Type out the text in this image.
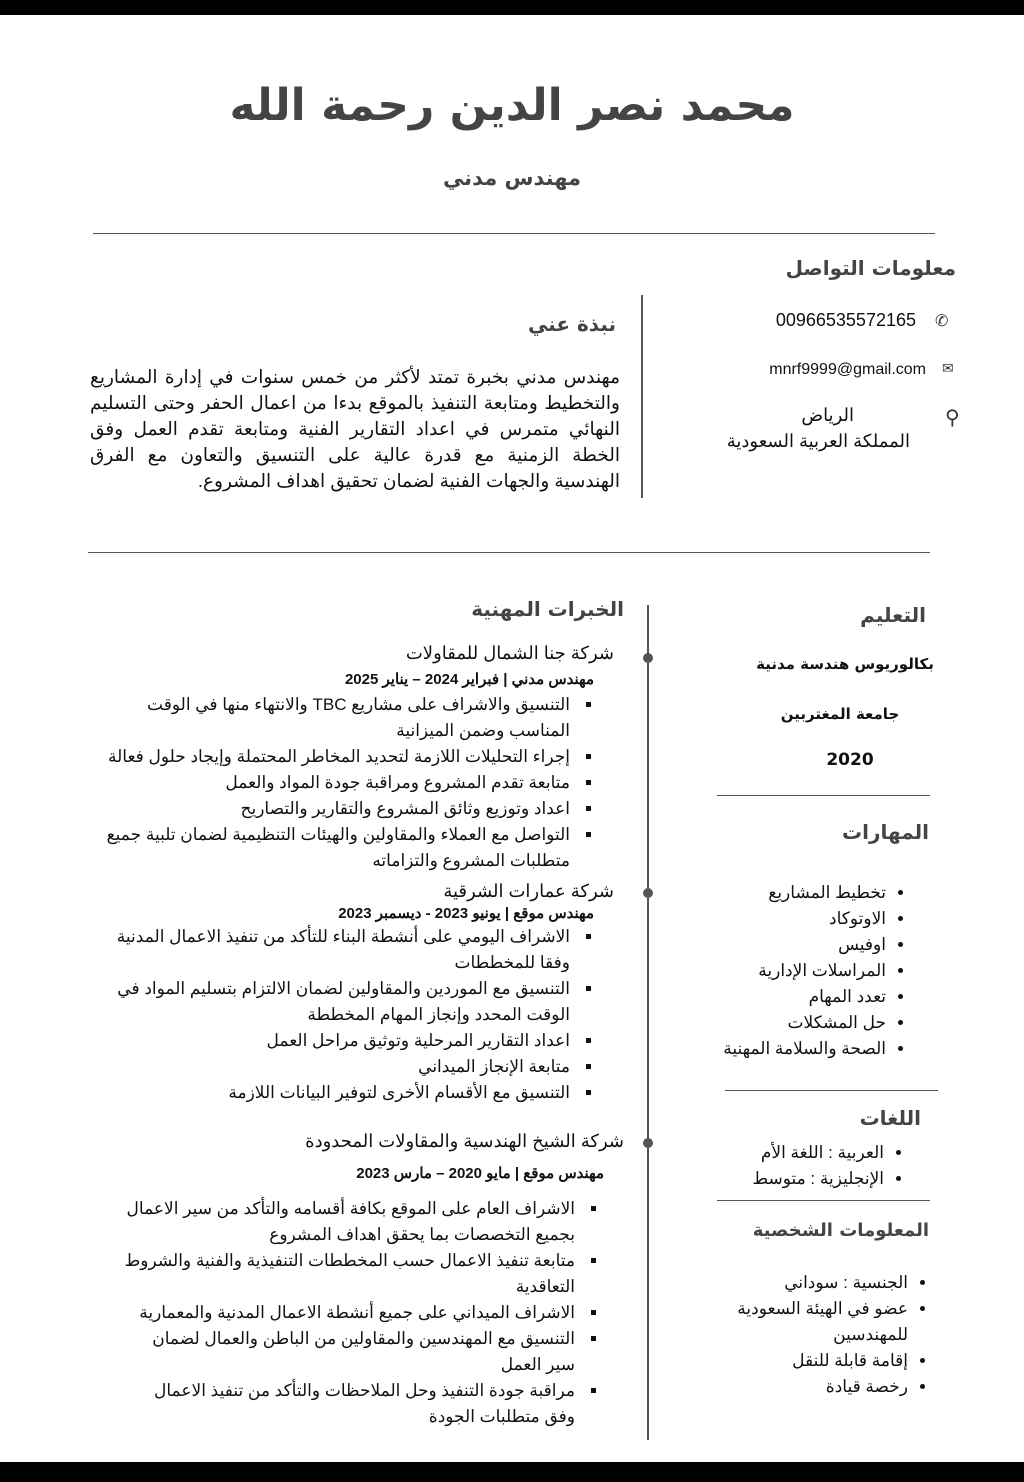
محمد نصر الدين رحمة الله
مهندس مدني
معلومات التواصل
✆
00966535572165
✉
mnrf9999@gmail.com
⚲
الرياض
المملكة العربية السعودية
نبذة عني
مهندس مدني بخبرة تمتد لأكثر من خمس سنوات في إدارة المشاريع والتخطيط ومتابعة التنفيذ بالموقع بدءا من اعمال الحفر وحتى التسليم النهائي متمرس في اعداد التقارير الفنية ومتابعة تقدم العمل وفق الخطة الزمنية مع قدرة عالية على التنسيق والتعاون مع الفرق الهندسية والجهات الفنية لضمان تحقيق اهداف المشروع.
الخبرات المهنية
شركة جنا الشمال للمقاولات
مهندس مدني | فبراير 2024 – يناير 2025
▪ التنسيق والاشراف على مشاريع TBC والانتهاء منها في الوقت المناسب وضمن الميزانية
▪ إجراء التحليلات اللازمة لتحديد المخاطر المحتملة وإيجاد حلول فعالة
▪ متابعة تقدم المشروع ومراقبة جودة المواد والعمل
▪ اعداد وتوزيع وثائق المشروع والتقارير والتصاريح
▪ التواصل مع العملاء والمقاولين والهيئات التنظيمية لضمان تلبية جميع متطلبات المشروع والتزاماته
شركة عمارات الشرقية
مهندس موقع | يونيو 2023 - ديسمبر 2023
▪ الاشراف اليومي على أنشطة البناء للتأكد من تنفيذ الاعمال المدنية وفقا للمخططات
▪ التنسيق مع الموردين والمقاولين لضمان الالتزام بتسليم المواد في الوقت المحدد وإنجاز المهام المخططة
▪ اعداد التقارير المرحلية وتوثيق مراحل العمل
▪ متابعة الإنجاز الميداني
▪ التنسيق مع الأقسام الأخرى لتوفير البيانات اللازمة
شركة الشيخ الهندسية والمقاولات المحدودة
مهندس موقع | مايو 2020 – مارس 2023
▪ الاشراف العام على الموقع بكافة أقسامه والتأكد من سير الاعمال بجميع التخصصات بما يحقق اهداف المشروع
▪ متابعة تنفيذ الاعمال حسب المخططات التنفيذية والفنية والشروط التعاقدية
▪ الاشراف الميداني على جميع أنشطة الاعمال المدنية والمعمارية
▪ التنسيق مع المهندسين والمقاولين من الباطن والعمال لضمان سير العمل
▪ مراقبة جودة التنفيذ وحل الملاحظات والتأكد من تنفيذ الاعمال وفق متطلبات الجودة
التعليم
بكالوريوس هندسة مدنية
جامعة المغتربين
2020
المهارات
• تخطيط المشاريع
• الاوتوكاد
• اوفيس
• المراسلات الإدارية
• تعدد المهام
• حل المشكلات
• الصحة والسلامة المهنية
اللغات
• العربية : اللغة الأم
• الإنجليزية : متوسط
المعلومات الشخصية
• الجنسية : سوداني
• عضو في الهيئة السعودية للمهندسين
• إقامة قابلة للنقل
• رخصة قيادة
